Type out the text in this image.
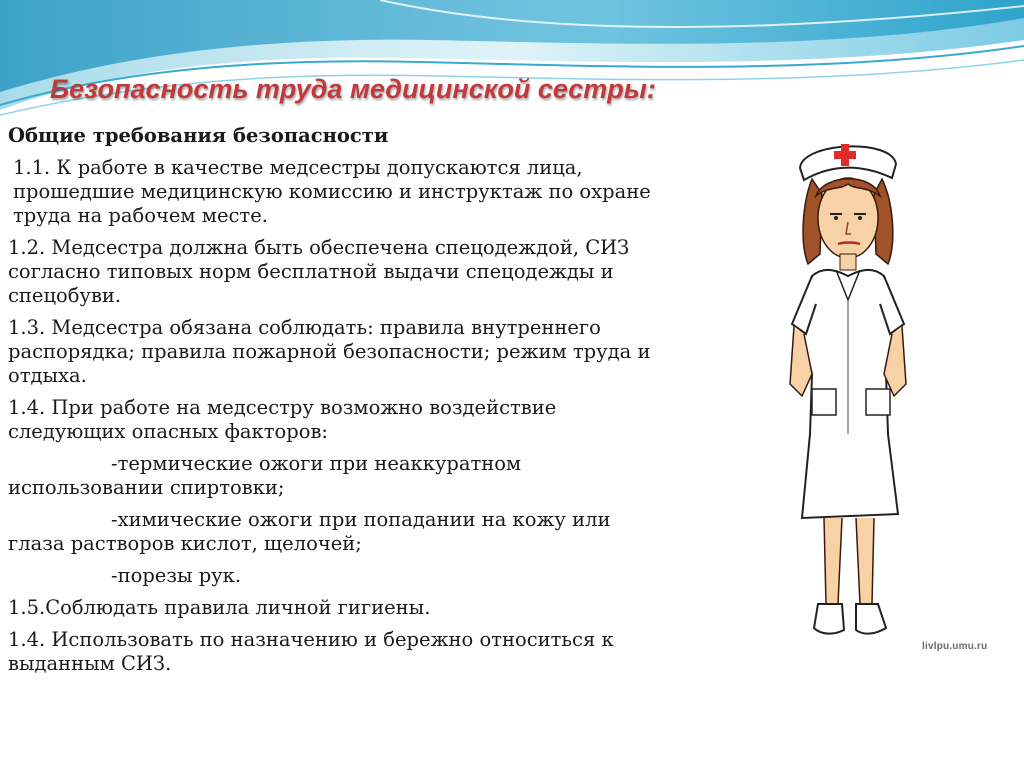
Безопасность труда медицинской сестры:

Общие требования безопасности

1.1. К работе в качестве медсестры допускаются лица, прошедшие медицинскую комиссию и инструктаж по охране труда на рабочем месте.

1.2. Медсестра должна быть обеспечена спецодеждой, СИЗ согласно типовых норм бесплатной выдачи спецодежды и спецобуви.

1.3. Медсестра обязана соблюдать: правила внутреннего распорядка; правила пожарной безопасности; режим труда и отдыха.

1.4. При работе на медсестру возможно воздействие следующих опасных факторов:

-термические ожоги при неаккуратном использовании спиртовки;

-химические ожоги при попадании на кожу или глаза растворов кислот, щелочей;

-порезы рук.

1.5.Соблюдать правила личной гигиены.

1.4. Использовать по назначению и бережно относиться к выданным СИЗ.

livlpu.umu.ru
